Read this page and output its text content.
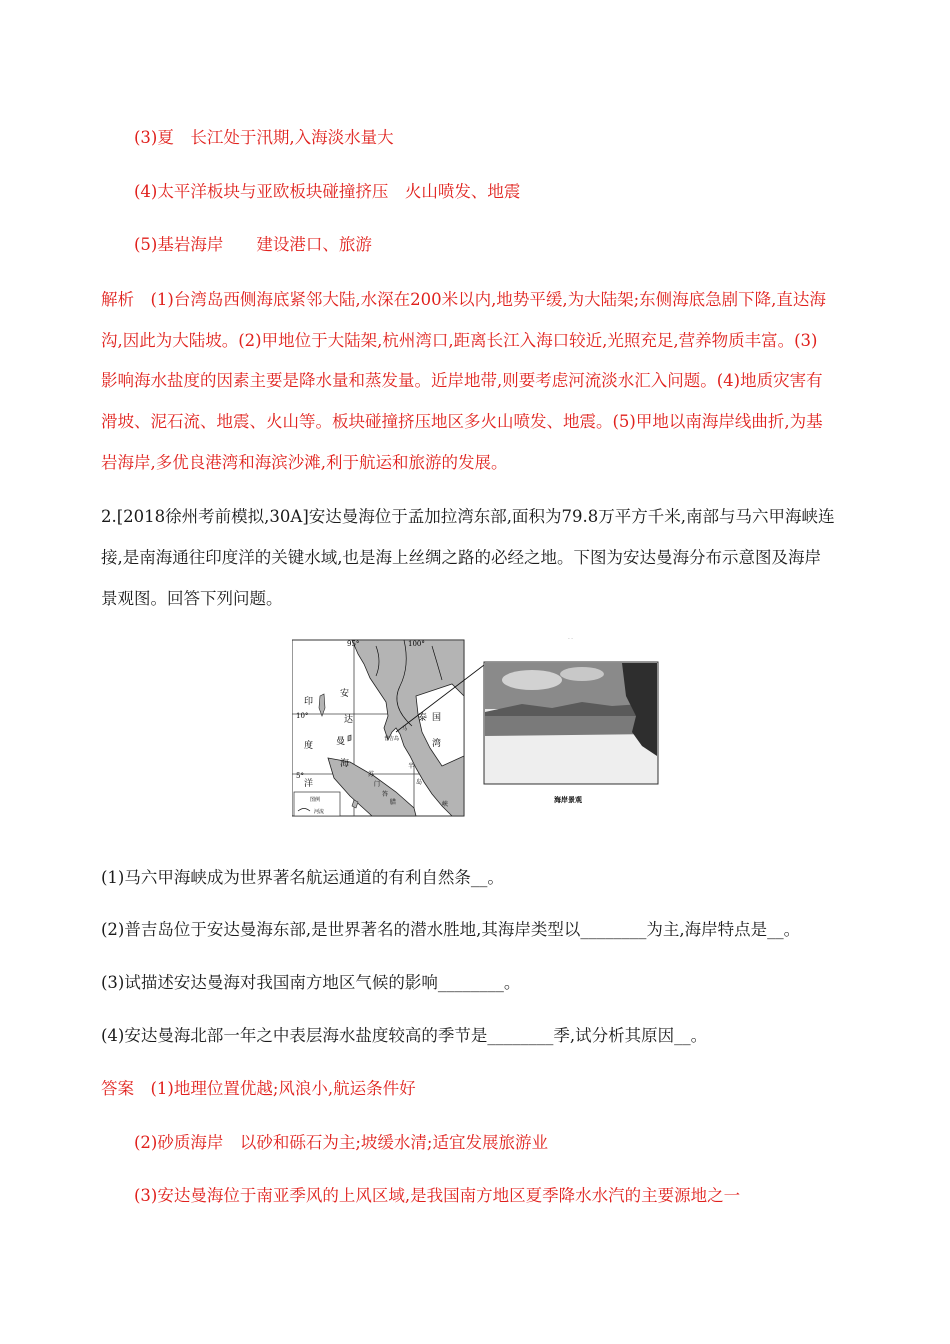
(3)夏　长江处于汛期,入海淡水量大
(4)太平洋板块与亚欧板块碰撞挤压　火山喷发、地震
(5)基岩海岸　　建设港口、旅游
解析　(1)台湾岛西侧海底紧邻大陆,水深在200米以内,地势平缓,为大陆架;东侧海底急剧下降,直达海
沟,因此为大陆坡。(2)甲地位于大陆架,杭州湾口,距离长江入海口较近,光照充足,营养物质丰富。(3)
影响海水盐度的因素主要是降水量和蒸发量。近岸地带,则要考虑河流淡水汇入问题。(4)地质灾害有
滑坡、泥石流、地震、火山等。板块碰撞挤压地区多火山喷发、地震。(5)甲地以南海岸线曲折,为基
岩海岸,多优良港湾和海滨沙滩,利于航运和旅游的发展。
2.[2018徐州考前模拟,30A]安达曼海位于孟加拉湾东部,面积为79.8万平方千米,南部与马六甲海峡连
接,是南海通往印度洋的关键水域,也是海上丝绸之路的必经之地。下图为安达曼海分布示意图及海岸
景观图。回答下列问题。
95°	100°
10°
5°
印
度
洋
安
达
曼
海
泰 国
湾
普吉岛
马
半
岛
苏
门
答
腊	峡
图例
河流
海岸景观
- -
(1)马六甲海峡成为世界著名航运通道的有利自然条__。
(2)普吉岛位于安达曼海东部,是世界著名的潜水胜地,其海岸类型以________为主,海岸特点是__。
(3)试描述安达曼海对我国南方地区气候的影响________。
(4)安达曼海北部一年之中表层海水盐度较高的季节是________季,试分析其原因__。
答案　(1)地理位置优越;风浪小,航运条件好
(2)砂质海岸　以砂和砾石为主;坡缓水清;适宜发展旅游业
(3)安达曼海位于南亚季风的上风区域,是我国南方地区夏季降水水汽的主要源地之一
